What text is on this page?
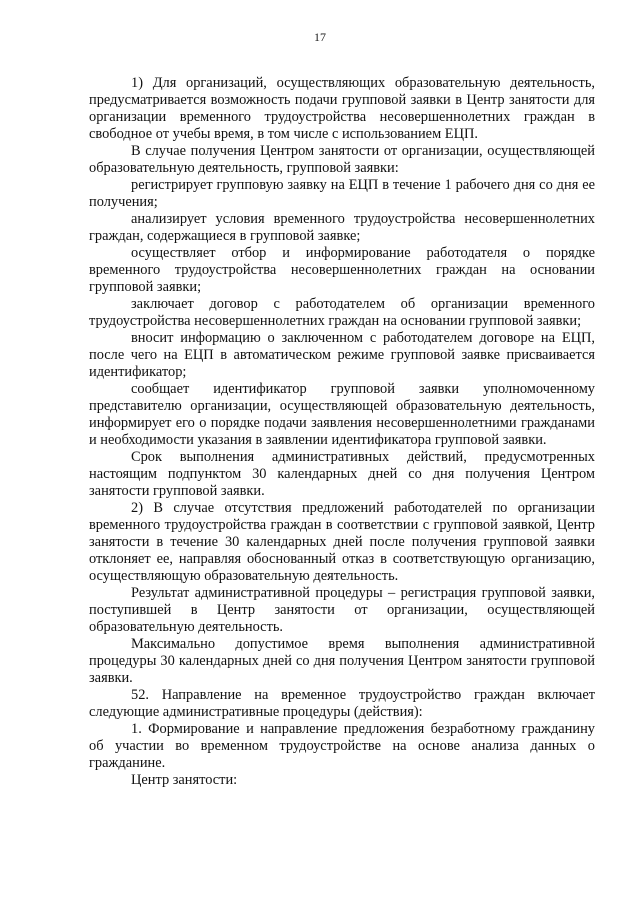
17

1) Для организаций, осуществляющих образовательную деятельность, предусматривается возможность подачи групповой заявки в Центр занятости для организации временного трудоустройства несовершеннолетних граждан в свободное от учебы время, в том числе с использованием ЕЦП.

В случае получения Центром занятости от организации, осуществляющей образовательную деятельность, групповой заявки:

регистрирует групповую заявку на ЕЦП в течение 1 рабочего дня со дня ее получения;

анализирует условия временного трудоустройства несовершеннолетних граждан, содержащиеся в групповой заявке;

осуществляет отбор и информирование работодателя о порядке временного трудоустройства несовершеннолетних граждан на основании групповой заявки;

заключает договор с работодателем об организации временного трудоустройства несовершеннолетних граждан на основании групповой заявки;

вносит информацию о заключенном с работодателем договоре на ЕЦП, после чего на ЕЦП в автоматическом режиме групповой заявке присваивается идентификатор;

сообщает идентификатор групповой заявки уполномоченному представителю организации, осуществляющей образовательную деятельность, информирует его о порядке подачи заявления несовершеннолетними гражданами и необходимости указания в заявлении идентификатора групповой заявки.

Срок выполнения административных действий, предусмотренных настоящим подпунктом 30 календарных дней со дня получения Центром занятости групповой заявки.

2) В случае отсутствия предложений работодателей по организации временного трудоустройства граждан в соответствии с групповой заявкой, Центр занятости в течение 30 календарных дней после получения групповой заявки отклоняет ее, направляя обоснованный отказ в соответствующую организацию, осуществляющую образовательную деятельность.

Результат административной процедуры – регистрация групповой заявки, поступившей в Центр занятости от организации, осуществляющей образовательную деятельность.

Максимально допустимое время выполнения административной процедуры 30 календарных дней со дня получения Центром занятости групповой заявки.

52. Направление на временное трудоустройство граждан включает следующие административные процедуры (действия):

1. Формирование и направление предложения безработному гражданину об участии во временном трудоустройстве на основе анализа данных о гражданине.

Центр занятости:
